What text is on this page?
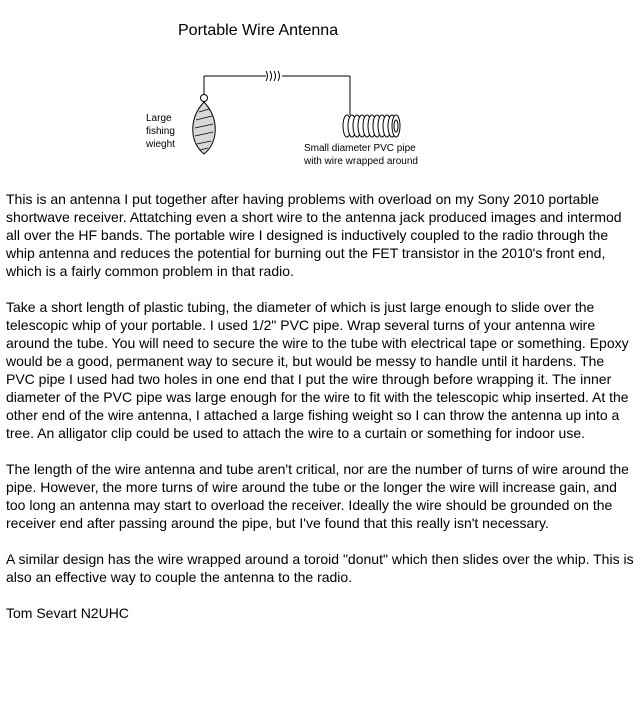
Portable Wire Antenna
Large
fishing
wieght	Small diameter PVC pipe
with wire wrapped around

This is an antenna I put together after having problems with overload on my Sony 2010 portable shortwave receiver. Attatching even a short wire to the antenna jack produced images and intermod all over the HF bands. The portable wire I designed is inductively coupled to the radio through the whip antenna and reduces the potential for burning out the FET transistor in the 2010's front end, which is a fairly common problem in that radio.

Take a short length of plastic tubing, the diameter of which is just large enough to slide over the telescopic whip of your portable. I used 1/2" PVC pipe. Wrap several turns of your antenna wire around the tube. You will need to secure the wire to the tube with electrical tape or something. Epoxy would be a good, permanent way to secure it, but would be messy to handle until it hardens. The PVC pipe I used had two holes in one end that I put the wire through before wrapping it. The inner diameter of the PVC pipe was large enough for the wire to fit with the telescopic whip inserted. At the other end of the wire antenna, I attached a large fishing weight so I can throw the antenna up into a tree. An alligator clip could be used to attach the wire to a curtain or something for indoor use.

The length of the wire antenna and tube aren't critical, nor are the number of turns of wire around the pipe. However, the more turns of wire around the tube or the longer the wire will increase gain, and too long an antenna may start to overload the receiver. Ideally the wire should be grounded on the receiver end after passing around the pipe, but I've found that this really isn't necessary.

A similar design has the wire wrapped around a toroid "donut" which then slides over the whip. This is also an effective way to couple the antenna to the radio.

Tom Sevart N2UHC
